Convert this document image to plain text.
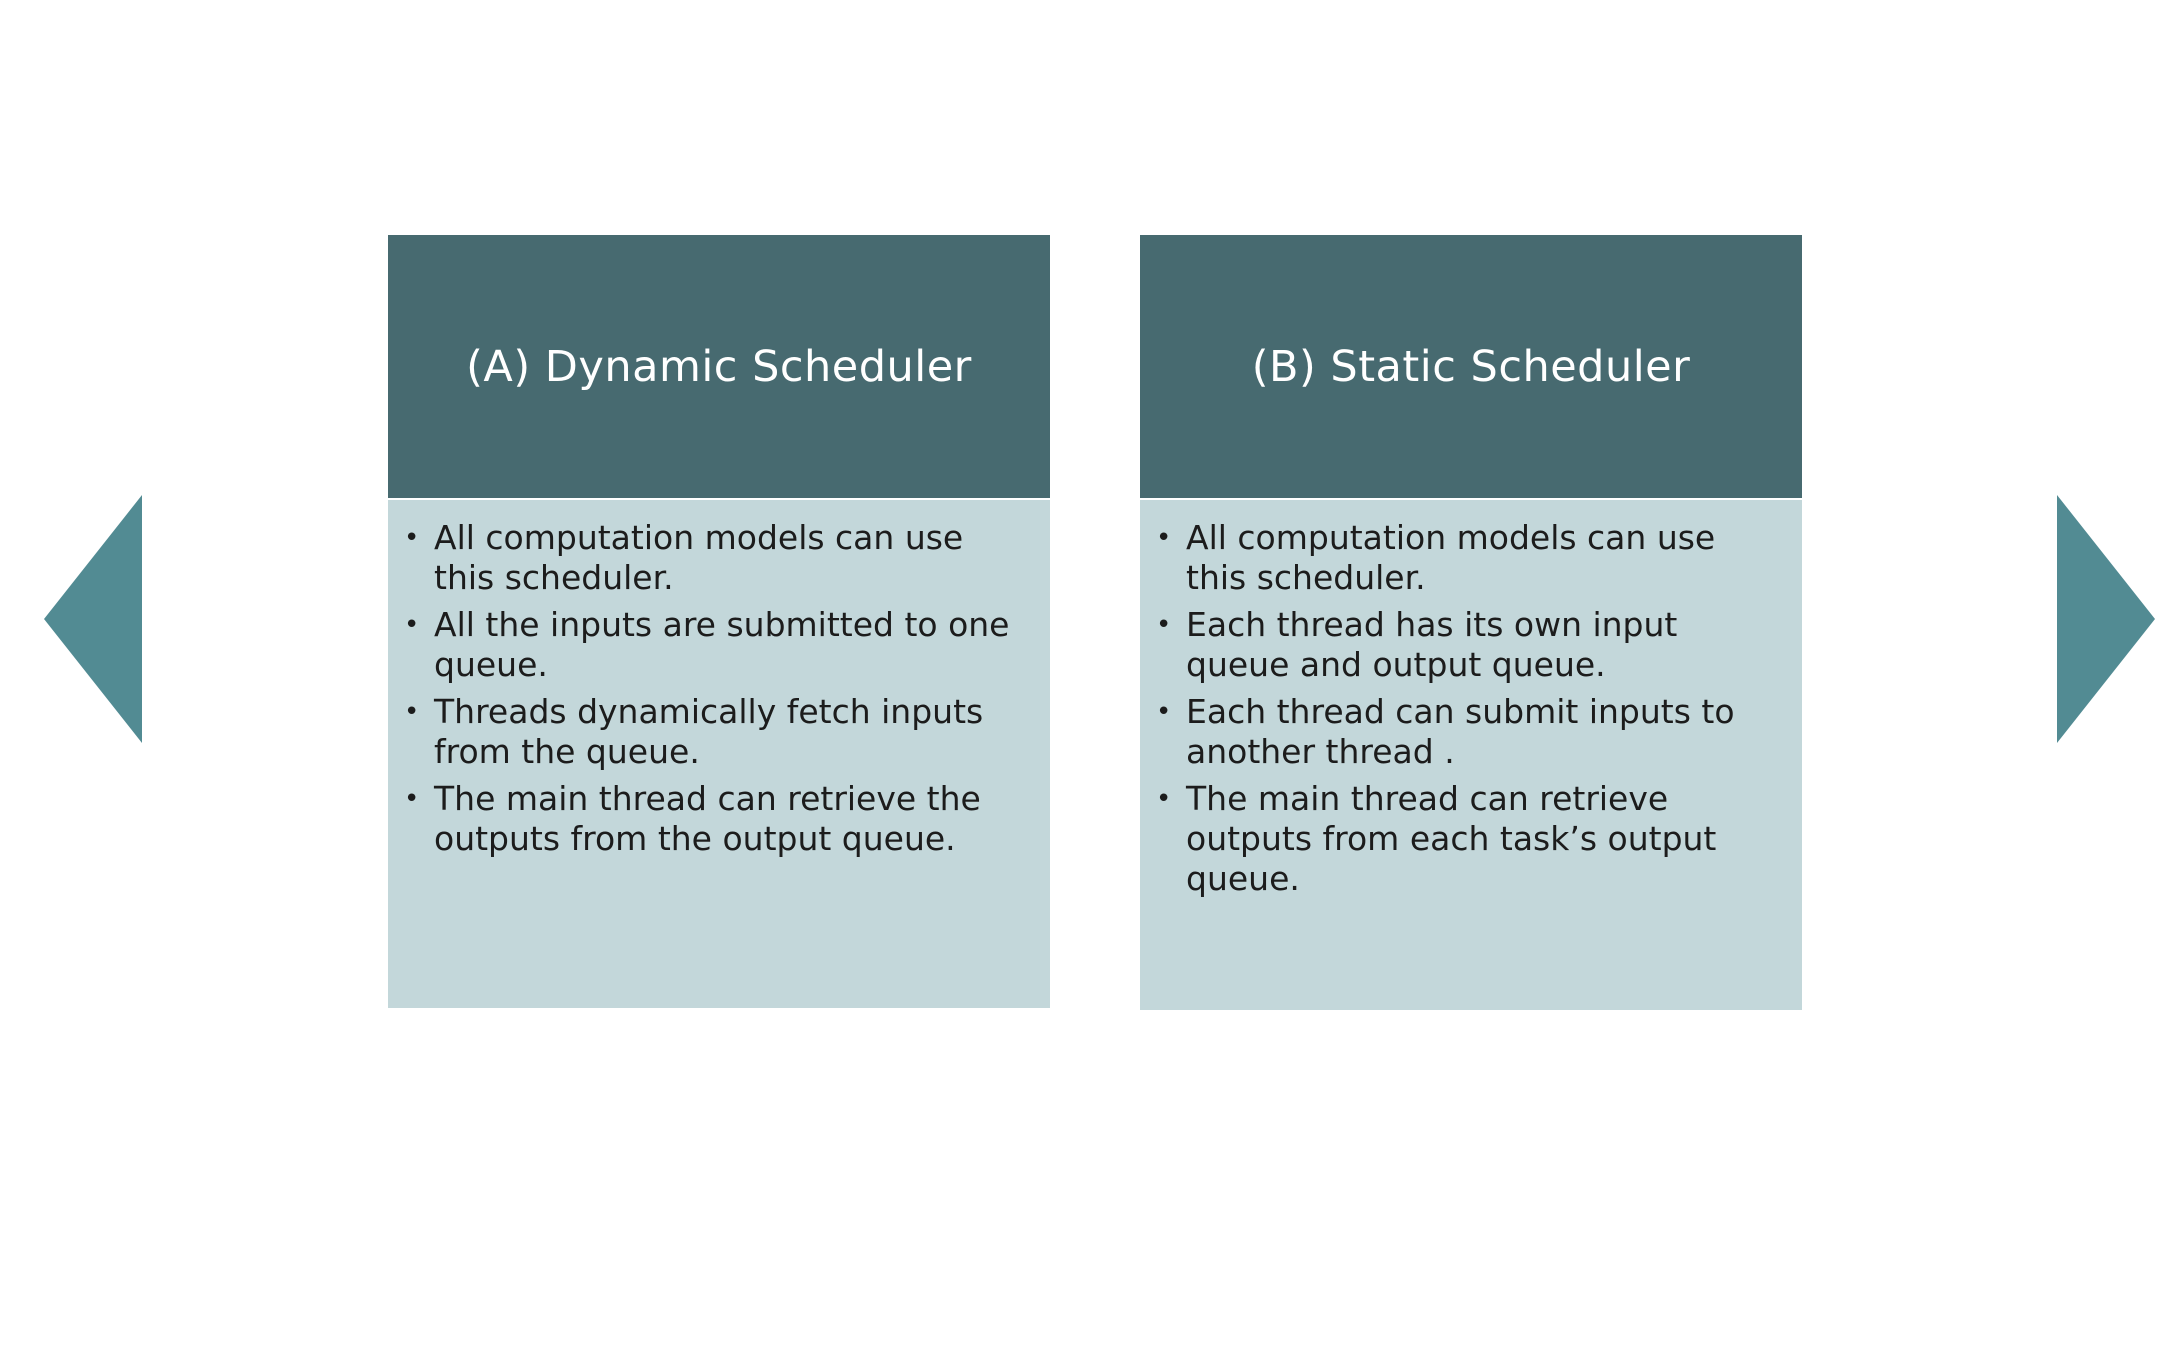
(A) Dynamic Scheduler
• All computation models can use this scheduler.
• All the inputs are submitted to one queue.
• Threads dynamically fetch inputs from the queue.
• The main thread can retrieve the outputs from the output queue.
(B) Static Scheduler
• All computation models can use this scheduler.
• Each thread has its own input queue and output queue.
• Each thread can submit inputs to another thread .
• The main thread can retrieve outputs from each task’s output queue.
